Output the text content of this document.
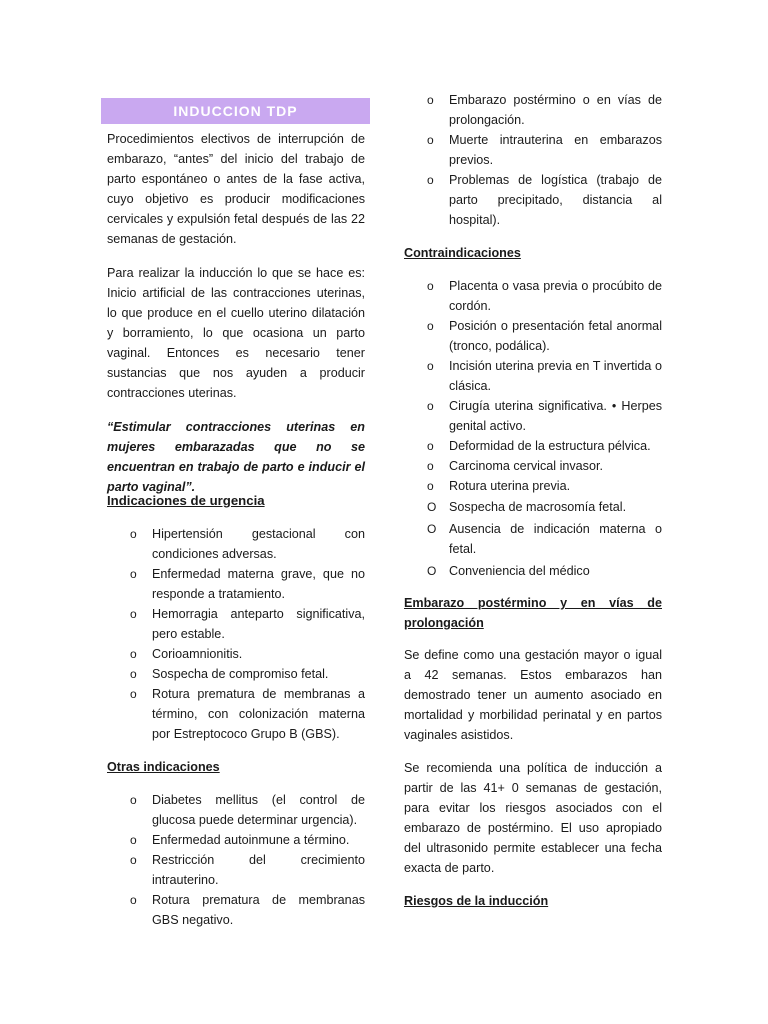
INDUCCION TDP

Procedimientos electivos de interrupción de embarazo, “antes” del inicio del trabajo de parto espontáneo o antes de la fase activa, cuyo objetivo es producir modificaciones cervicales y expulsión fetal después de las 22 semanas de gestación.

Para realizar la inducción lo que se hace es: Inicio artificial de las contracciones uterinas, lo que produce en el cuello uterino dilatación y borramiento, lo que ocasiona un parto vaginal. Entonces es necesario tener sustancias que nos ayuden a producir contracciones uterinas.

“Estimular contracciones uterinas en mujeres embarazadas que no se encuentran en trabajo de parto e inducir el parto vaginal”.

Indicaciones de urgencia
o Hipertensión gestacional con condiciones adversas.
o Enfermedad materna grave, que no responde a tratamiento.
o Hemorragia anteparto significativa, pero estable.
o Corioamnionitis.
o Sospecha de compromiso fetal.
o Rotura prematura de membranas a término, con colonización materna por Estreptococo Grupo B (GBS).
Otras indicaciones
o Diabetes mellitus (el control de glucosa puede determinar urgencia).
o Enfermedad autoinmune a término.
o Restricción del crecimiento intrauterino.
o Rotura prematura de membranas GBS negativo.
o Embarazo postérmino o en vías de prolongación.
o Muerte intrauterina en embarazos previos.
o Problemas de logística (trabajo de parto precipitado, distancia al hospital).
Contraindicaciones
o Placenta o vasa previa o procúbito de cordón.
o Posición o presentación fetal anormal (tronco, podálica).
o Incisión uterina previa en T invertida o clásica.
o Cirugía uterina significativa. • Herpes genital activo.
o Deformidad de la estructura pélvica.
o Carcinoma cervical invasor.
o Rotura uterina previa.
O Sospecha de macrosomía fetal.
O Ausencia de indicación materna o fetal.
O Conveniencia del médico
Embarazo postérmino y en vías de prolongación

Se define como una gestación mayor o igual a 42 semanas. Estos embarazos han demostrado tener un aumento asociado en mortalidad y morbilidad perinatal y en partos vaginales asistidos.

Se recomienda una política de inducción a partir de las 41+ 0 semanas de gestación, para evitar los riesgos asociados con el embarazo de postérmino. El uso apropiado del ultrasonido permite establecer una fecha exacta de parto.

Riesgos de la inducción
